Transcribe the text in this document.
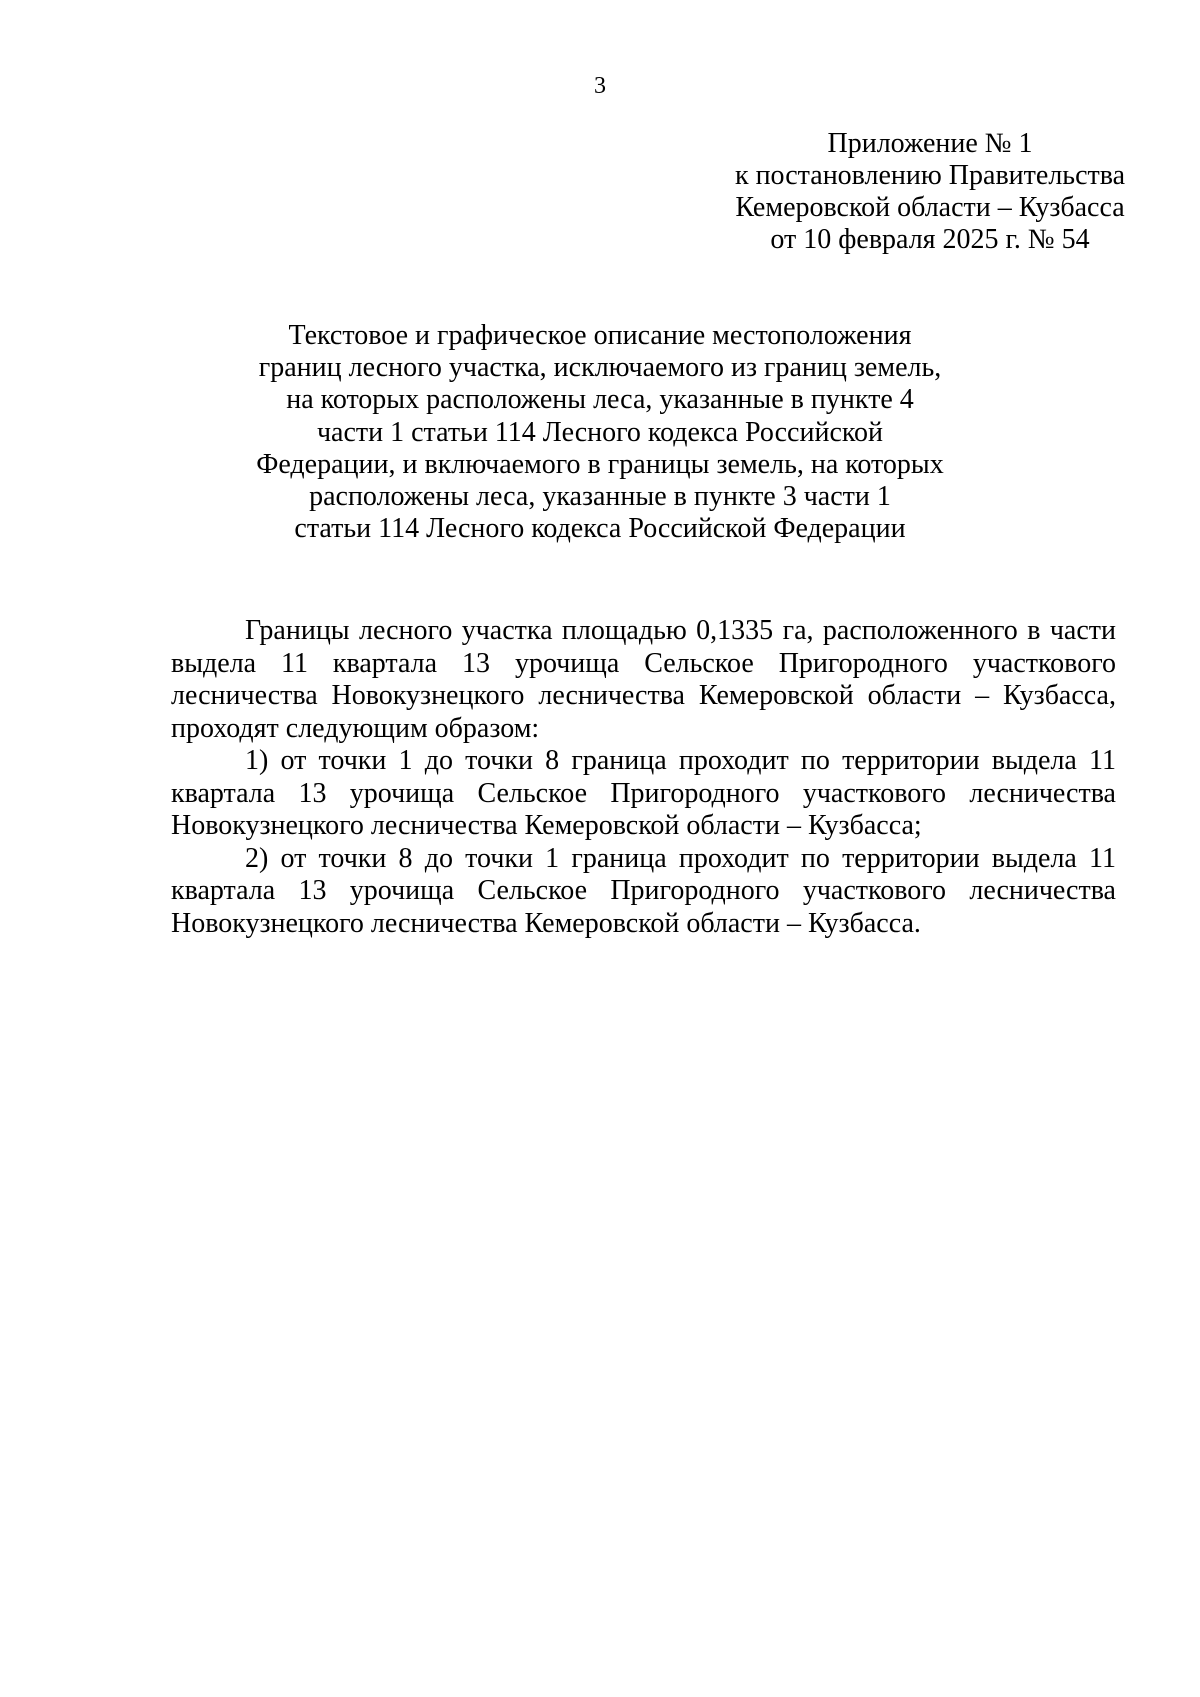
3
Приложение № 1
к постановлению Правительства
Кемеровской области – Кузбасса
от 10 февраля 2025 г. № 54
Текстовое и графическое описание местоположения
границ лесного участка, исключаемого из границ земель,
на которых расположены леса, указанные в пункте 4
части 1 статьи 114 Лесного кодекса Российской
Федерации, и включаемого в границы земель, на которых
расположены леса, указанные в пункте 3 части 1
статьи 114 Лесного кодекса Российской Федерации

Границы лесного участка площадью 0,1335 га, расположенного в части выдела 11 квартала 13 урочища Сельское Пригородного участкового лесничества Новокузнецкого лесничества Кемеровской области – Кузбасса, проходят следующим образом:

1) от точки 1 до точки 8 граница проходит по территории выдела 11 квартала 13 урочища Сельское Пригородного участкового лесничества Новокузнецкого лесничества Кемеровской области – Кузбасса;

2) от точки 8 до точки 1 граница проходит по территории выдела 11 квартала 13 урочища Сельское Пригородного участкового лесничества Новокузнецкого лесничества Кемеровской области – Кузбасса.
